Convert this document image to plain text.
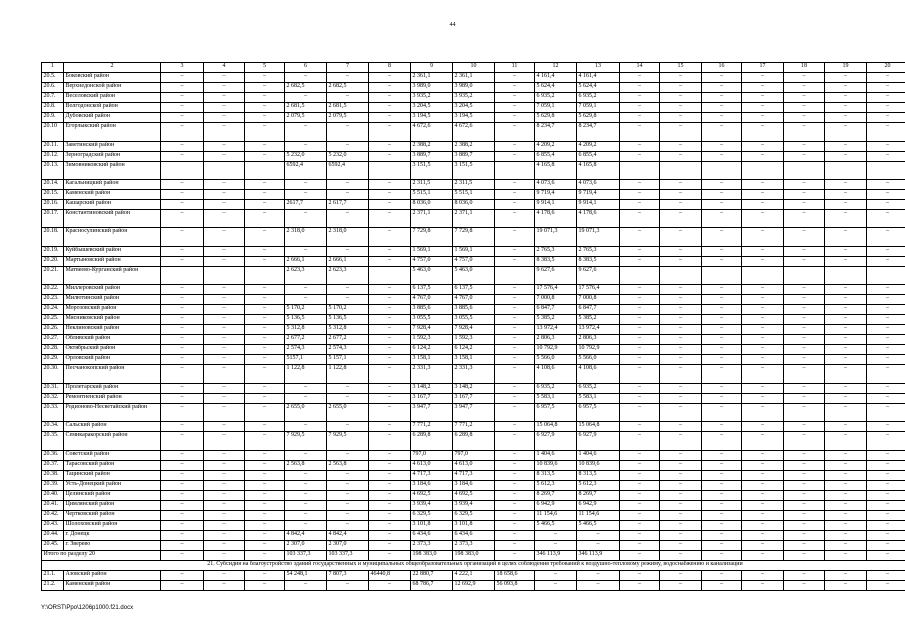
44
1	2	3	4	5	6	7	8	9	10	11	12	13	14	15	16	17	18	19	20
20.5.	Боковский район	–	–	–	–	–	–	2 361,1	2 361,1	–	4 161,4	4 161,4	–	–	–	–	–	–	–
20.6.	Верхнедонской район	–	–	–	2 682,5	2 682,5	–	3 989,0	3 989,0	–	5 624,4	5 624,4	–	–	–	–	–	–	–
20.7.	Веселовский район	–	–	–	–	–	–	3 935,2	3 935,2	–	6 935,2	6 935,2	–	–	–	–	–	–	–
20.8.	Волгодонской район	–	–	–	2 681,5	2 681,5	–	3 204,5	3 204,5	–	7 059,1	7 059,1	–	–	–	–	–	–	–
20.9.	Дубовский район	–	–	–	2 079,5	2 079,5	–	3 194,5	3 194,5	–	5 629,8	5 629,8	–	–	–	–	–	–	–
20.10	Егорлыкский район	–	–	–	–	–	–	4 672,6	4 672,6	–	8 234,7	8 234,7	–	–	–	–	–	–	–
20.11.	Заветинский район	–	–	–	–	–	–	2 388,2	2 388,2	–	4 209,2	4 209,2	–	–	–	–	–	–	–
20.12.	Зерноградский район	–	–	–	5 232,0	5 232,0	–	3 889,7	3 889,7	–	6 855,4	6 855,4	–	–	–	–	–	–	–
20.13.	Зимовниковский район				6592,4	6592,4		3 151,5	3 151,5		4 165,8	4 165,8							
20.14.	Кагальницкий район	–	–	–	–	–	–	2 311,5	2 311,5	–	4 073,6	4 073,6	–	–	–	–	–	–	–
20.15.	Каменский район	–	–	–	–	–	–	5 515,1	5 515,1	–	9 719,4	9 719,4	–	–	–	–	–	–	–
20.16.	Кашарский район	–	–	–	2617,7	2 617,7	–	8 036,0	8 036,0	–	9 914,1	9 914,1	–	–	–	–	–	–	–
20.17.	Константиновский район	–	–	–	–	–	–	2 371,1	2 371,1	–	4 178,6	4 178,6	–	–	–	–	–	–	–
20.18.	Красносулинский район	–	–	–	2 318,0	2 318,0	–	7 729,8	7 729,8	–	19 071,3	19 071,3	–	–	–	–	–	–	–
20.19.	Куйбышевский район	–	–	–	–	–	–	1 569,1	1 569,1	–	2 765,3	2 765,3	–	–	–	–	–	–	–
20.20.	Мартыновский район	–	–	–	2 666,1	2 666,1	–	4 757,0	4 757,0	–	8 383,5	8 383,5	–	–	–	–	–	–	–
20.21.	Матвеево-Курганский район				2 623,3	2 623,3		5 463,0	5 463,0		9 627,6	9 627,6							
20.22.	Миллеровский район	–	–	–	–	–	–	6 137,5	6 137,5	–	17 576,4	17 576,4	–	–	–	–	–	–	–
20.23.	Милютинский район	–	–	–	–	–	–	4 767,0	4 767,0	–	7 000,8	7 000,8	–	–	–	–	–	–	–
20.24.	Морозовский район	–	–	–	5 170,2	5 170,2	–	3 885,6	3 885,6	–	6 847,7	6 847,7	–	–	–	–	–	–	–
20.25.	Мясниковский район	–	–	–	5 136,5	5 136,5	–	3 055,5	3 055,5	–	5 385,2	5 385,2	–	–	–	–	–	–	–
20.26.	Неклиновский район	–	–	–	5 312,8	5 312,8	–	7 928,4	7 928,4	–	13 972,4	13 972,4	–	–	–	–	–	–	–
20.27.	Обливский район	–	–	–	2 677,2	2 677,2	–	1 592,3	1 592,3	–	2 806,3	2 806,3	–	–	–	–	–	–	–
20.28.	Октябрьский район	–	–	–	2 574,3	2 574,3	–	6 124,2	6 124,2	–	10 792,9	10 792,9	–	–	–	–	–	–	–
20.29.	Орловский район	–	–	–	5157,1	5 157,1	–	3 158,1	3 158,1	–	5 566,0	5 566,0	–	–	–	–	–	–	–
20.30.	Песчанокопский район	–	–	–	1 122,8	1 122,8	–	2 331,3	2 331,3	–	4 108,6	4 108,6	–	–	–	–	–	–	–
20.31.	Пролетарский район	–	–	–	–	–	–	3 148,2	3 148,2	–	6 935,2	6 935,2	–	–	–	–	–	–	–
20.32.	Ремонтненский район	–	–	–	–	–	–	3 167,7	3 167,7	–	5 583,1	5 583,1	–	–	–	–	–	–	–
20.33.	Родионово-Несветайский район	–	–	–	2 655,0	2 655,0	–	3 947,7	3 947,7	–	6 957,5	6 957,5	–	–	–	–	–	–	–
20.34.	Сальский район	–	–	–	–	–	–	7 771,2	7 771,2	–	15 064,8	15 064,8	–	–	–	–	–	–	–
20.35.	Семикаракорский район	–	–	–	7 929,5	7 929,5	–	6 289,8	6 289,8	–	6 927,9	6 927,9	–	–	–	–	–	–	–
20.36.	Советский район	–	–	–	–	–	–	797,0	797,0	–	1 404,6	1 404,6	–	–	–	–	–	–	–
20.37.	Тарасовский район	–	–	–	2 563,8	2 563,8	–	4 613,0	4 613,0	–	10 839,6	10 839,6	–	–	–	–	–	–	–
20.38.	Тацинский район	–	–	–	–	–	–	4 717,3	4 717,3	–	8 313,5	8 313,5	–	–	–	–	–	–	–
20.39.	Усть-Донецкий район	–	–	–	–	–	–	3 184,6	3 184,6	–	5 612,3	5 612,3	–	–	–	–	–	–	–
20.40.	Целинский район	–	–	–	–	–	–	4 692,5	4 692,5	–	8 269,7	8 269,7	–	–	–	–	–	–	–
20.41.	Цимлянский район	–	–	–	–	–	–	3 939,4	3 939,4	–	6 942,9	6 942,9	–	–	–	–	–	–	–
20.42.	Чертковский район	–	–	–	–	–	–	6 329,5	6 329,5	–	11 154,6	11 154,6	–	–	–	–	–	–	–
20.43.	Шолоховский район	–	–	–	–	–	–	3 101,8	3 101,8	–	5 466,5	5 466,5	–	–	–	–	–	–	–
20.44.	г. Донецк	–	–	–	4 842,4	4 842,4	–	6 434,6	6 434,6	–	–	–	–	–	–	–	–	–	–
20.45.	г. Зверево	–	–	–	2 307,0	2 307,0	–	2 373,3	2 373,3	–	–	–	–	–	–	–	–	–	–
Итого по разделу 20		–	–	–	103 337,3	103 337,3	–	198 383,0	198 383,0	–	346 113,9	346 113,9	–	–	–	–	–	–	–
21. Субсидия на благоустройство зданий государственных и муниципальных общеобразовательных организаций в целях соблюдения требований к воздушно-тепловому режиму, водоснабжению и канализации																			
21.1.	Азовский район	–	–	–	54 248,1	7 807,3	46440,8	22 880,7	4 222,1	18 658,6	–	–	–	–	–	–	–	–	–
21.2.	Каменский район	–	–	–	–	–	–	68 786,7	12 692,9	56 093,8	–	–	–	–	–	–	–	–	–
Y:\ORST\Ppo\1206p1000.f21.docx
